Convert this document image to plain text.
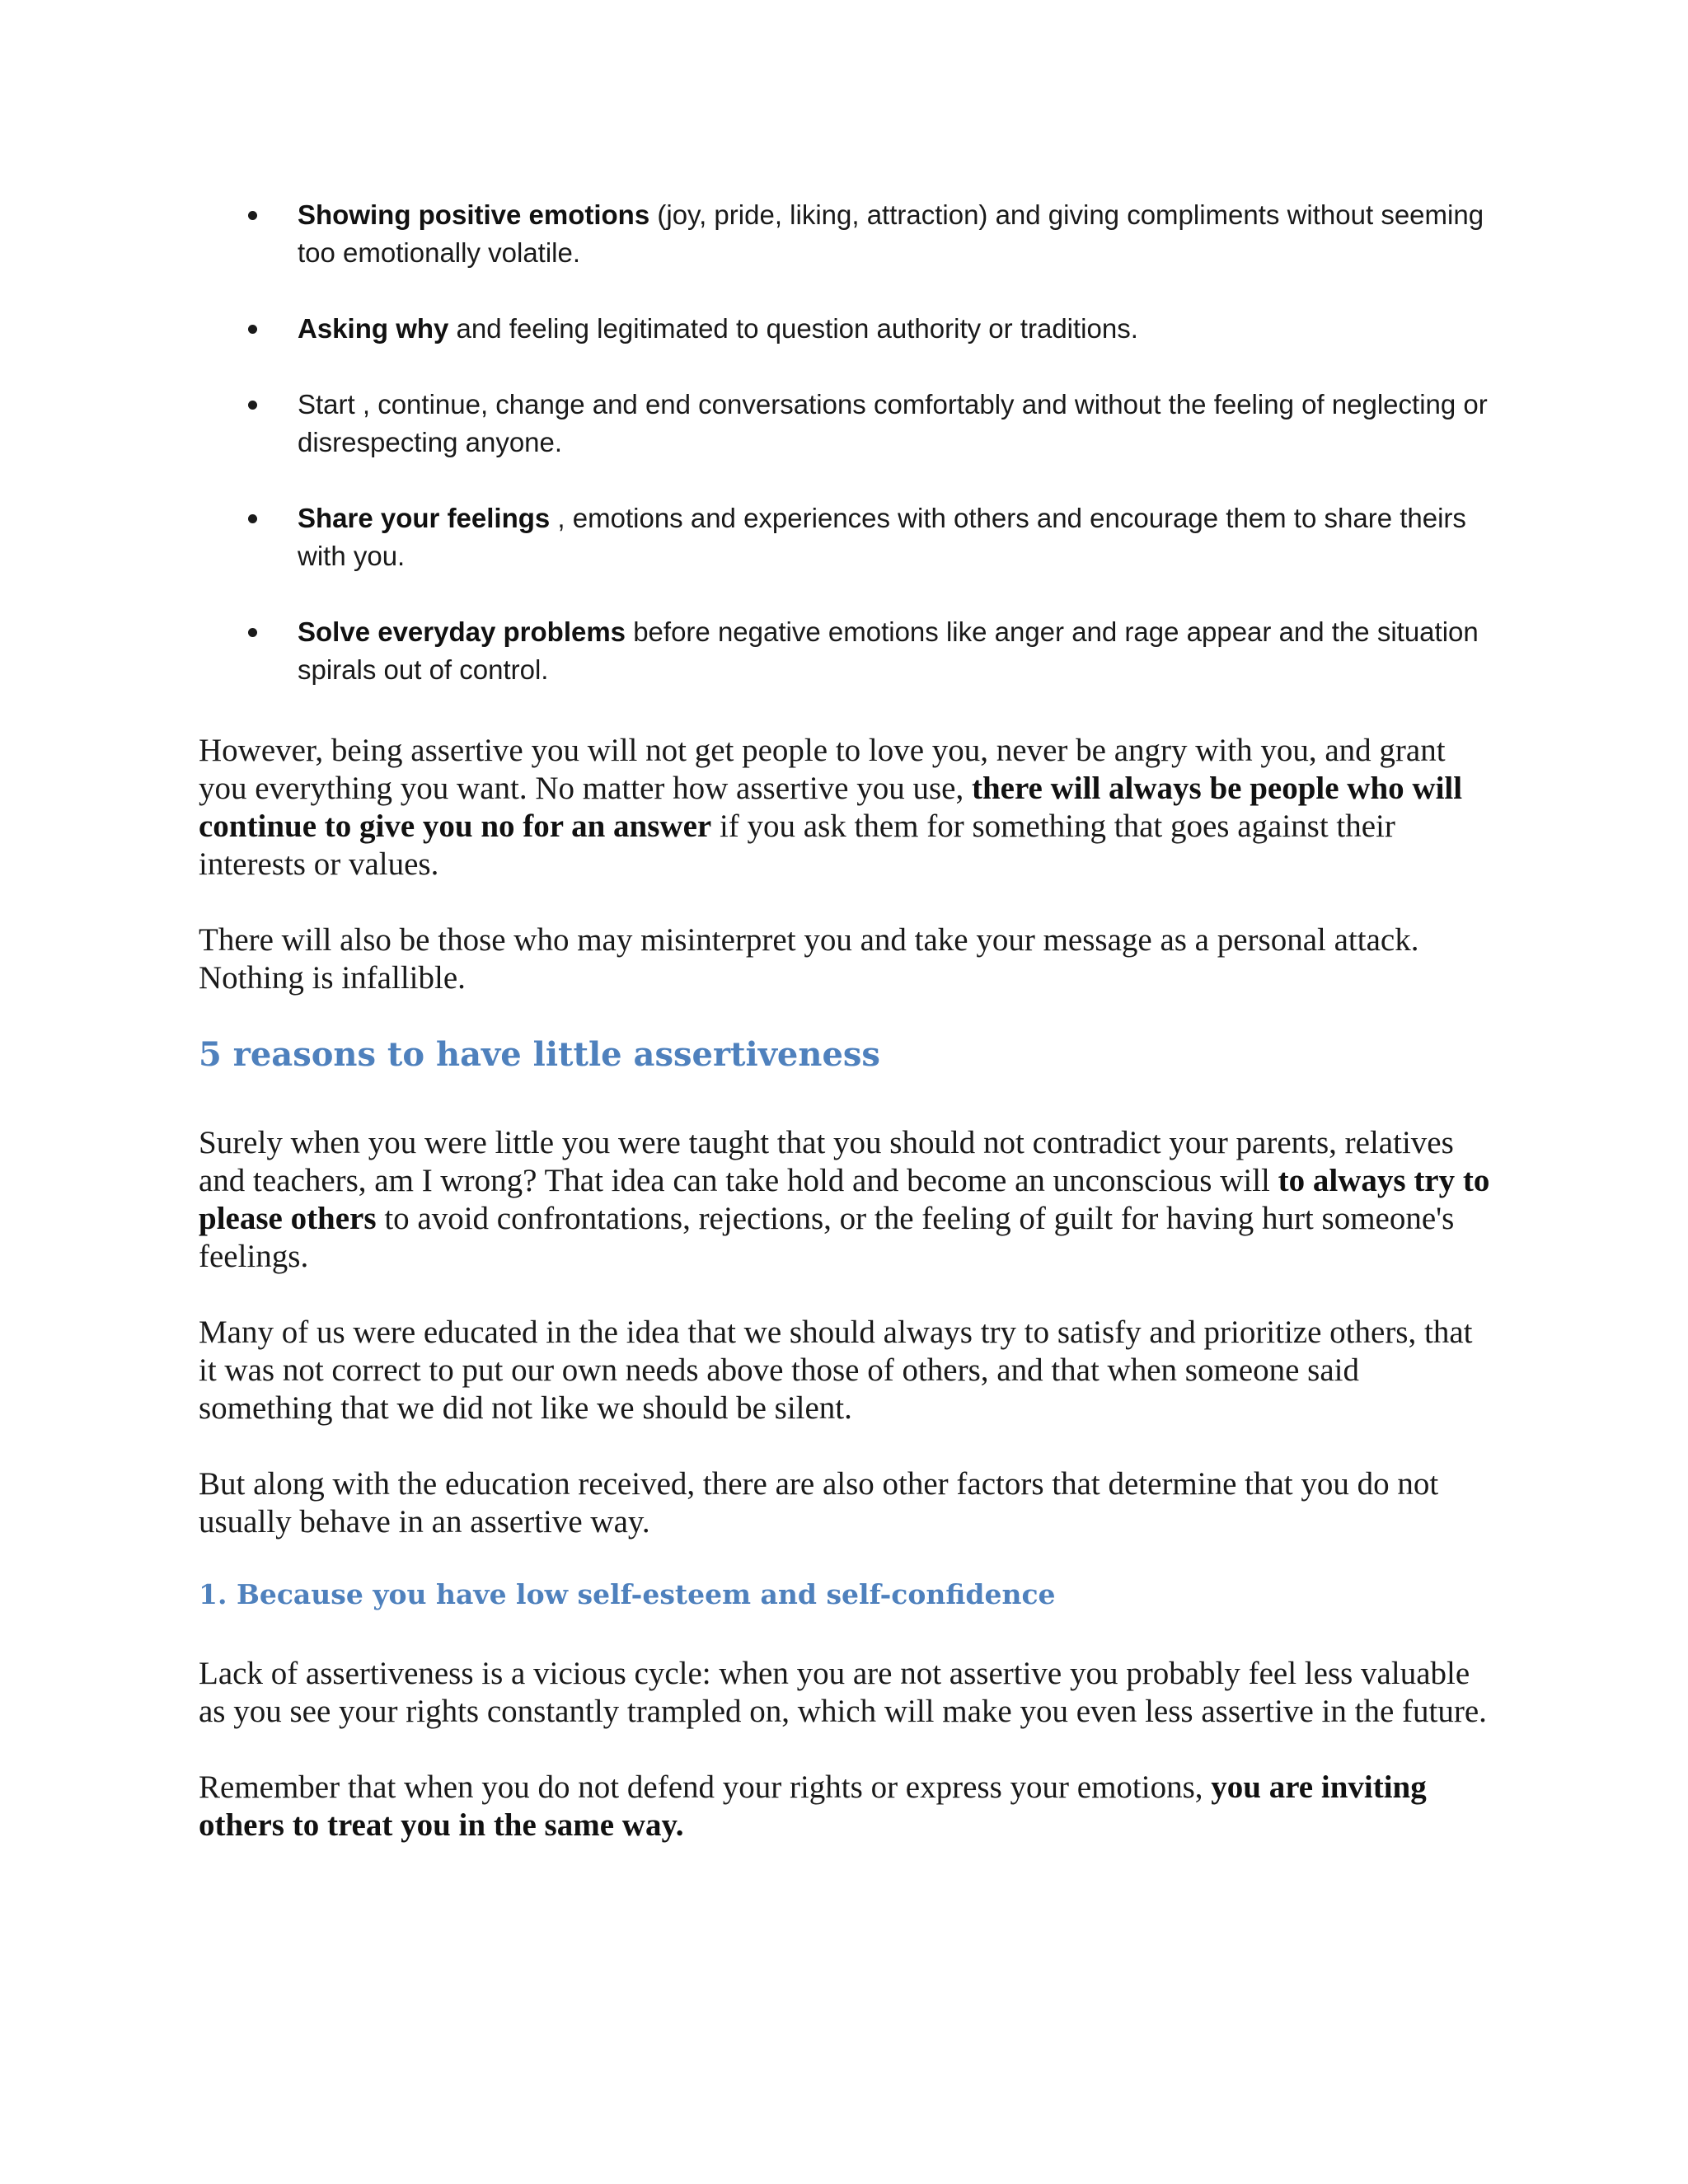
Showing positive emotions (joy, pride, liking, attraction) and giving compliments without seeming too emotionally volatile.
Asking why and feeling legitimated to question authority or traditions.
Start , continue, change and end conversations comfortably and without the feeling of neglecting or disrespecting anyone.
Share your feelings , emotions and experiences with others and encourage them to share theirs with you.
Solve everyday problems before negative emotions like anger and rage appear and the situation spirals out of control.

However, being assertive you will not get people to love you, never be angry with you, and grant you everything you want. No matter how assertive you use, there will always be people who will continue to give you no for an answer if you ask them for something that goes against their interests or values.

There will also be those who may misinterpret you and take your message as a personal attack. Nothing is infallible.

5 reasons to have little assertiveness

Surely when you were little you were taught that you should not contradict your parents, relatives and teachers, am I wrong? That idea can take hold and become an unconscious will to always try to please others to avoid confrontations, rejections, or the feeling of guilt for having hurt someone's feelings.

Many of us were educated in the idea that we should always try to satisfy and prioritize others, that it was not correct to put our own needs above those of others, and that when someone said something that we did not like we should be silent.

But along with the education received, there are also other factors that determine that you do not usually behave in an assertive way.

1. Because you have low self-esteem and self-confidence

Lack of assertiveness is a vicious cycle: when you are not assertive you probably feel less valuable as you see your rights constantly trampled on, which will make you even less assertive in the future.

Remember that when you do not defend your rights or express your emotions, you are inviting others to treat you in the same way.
